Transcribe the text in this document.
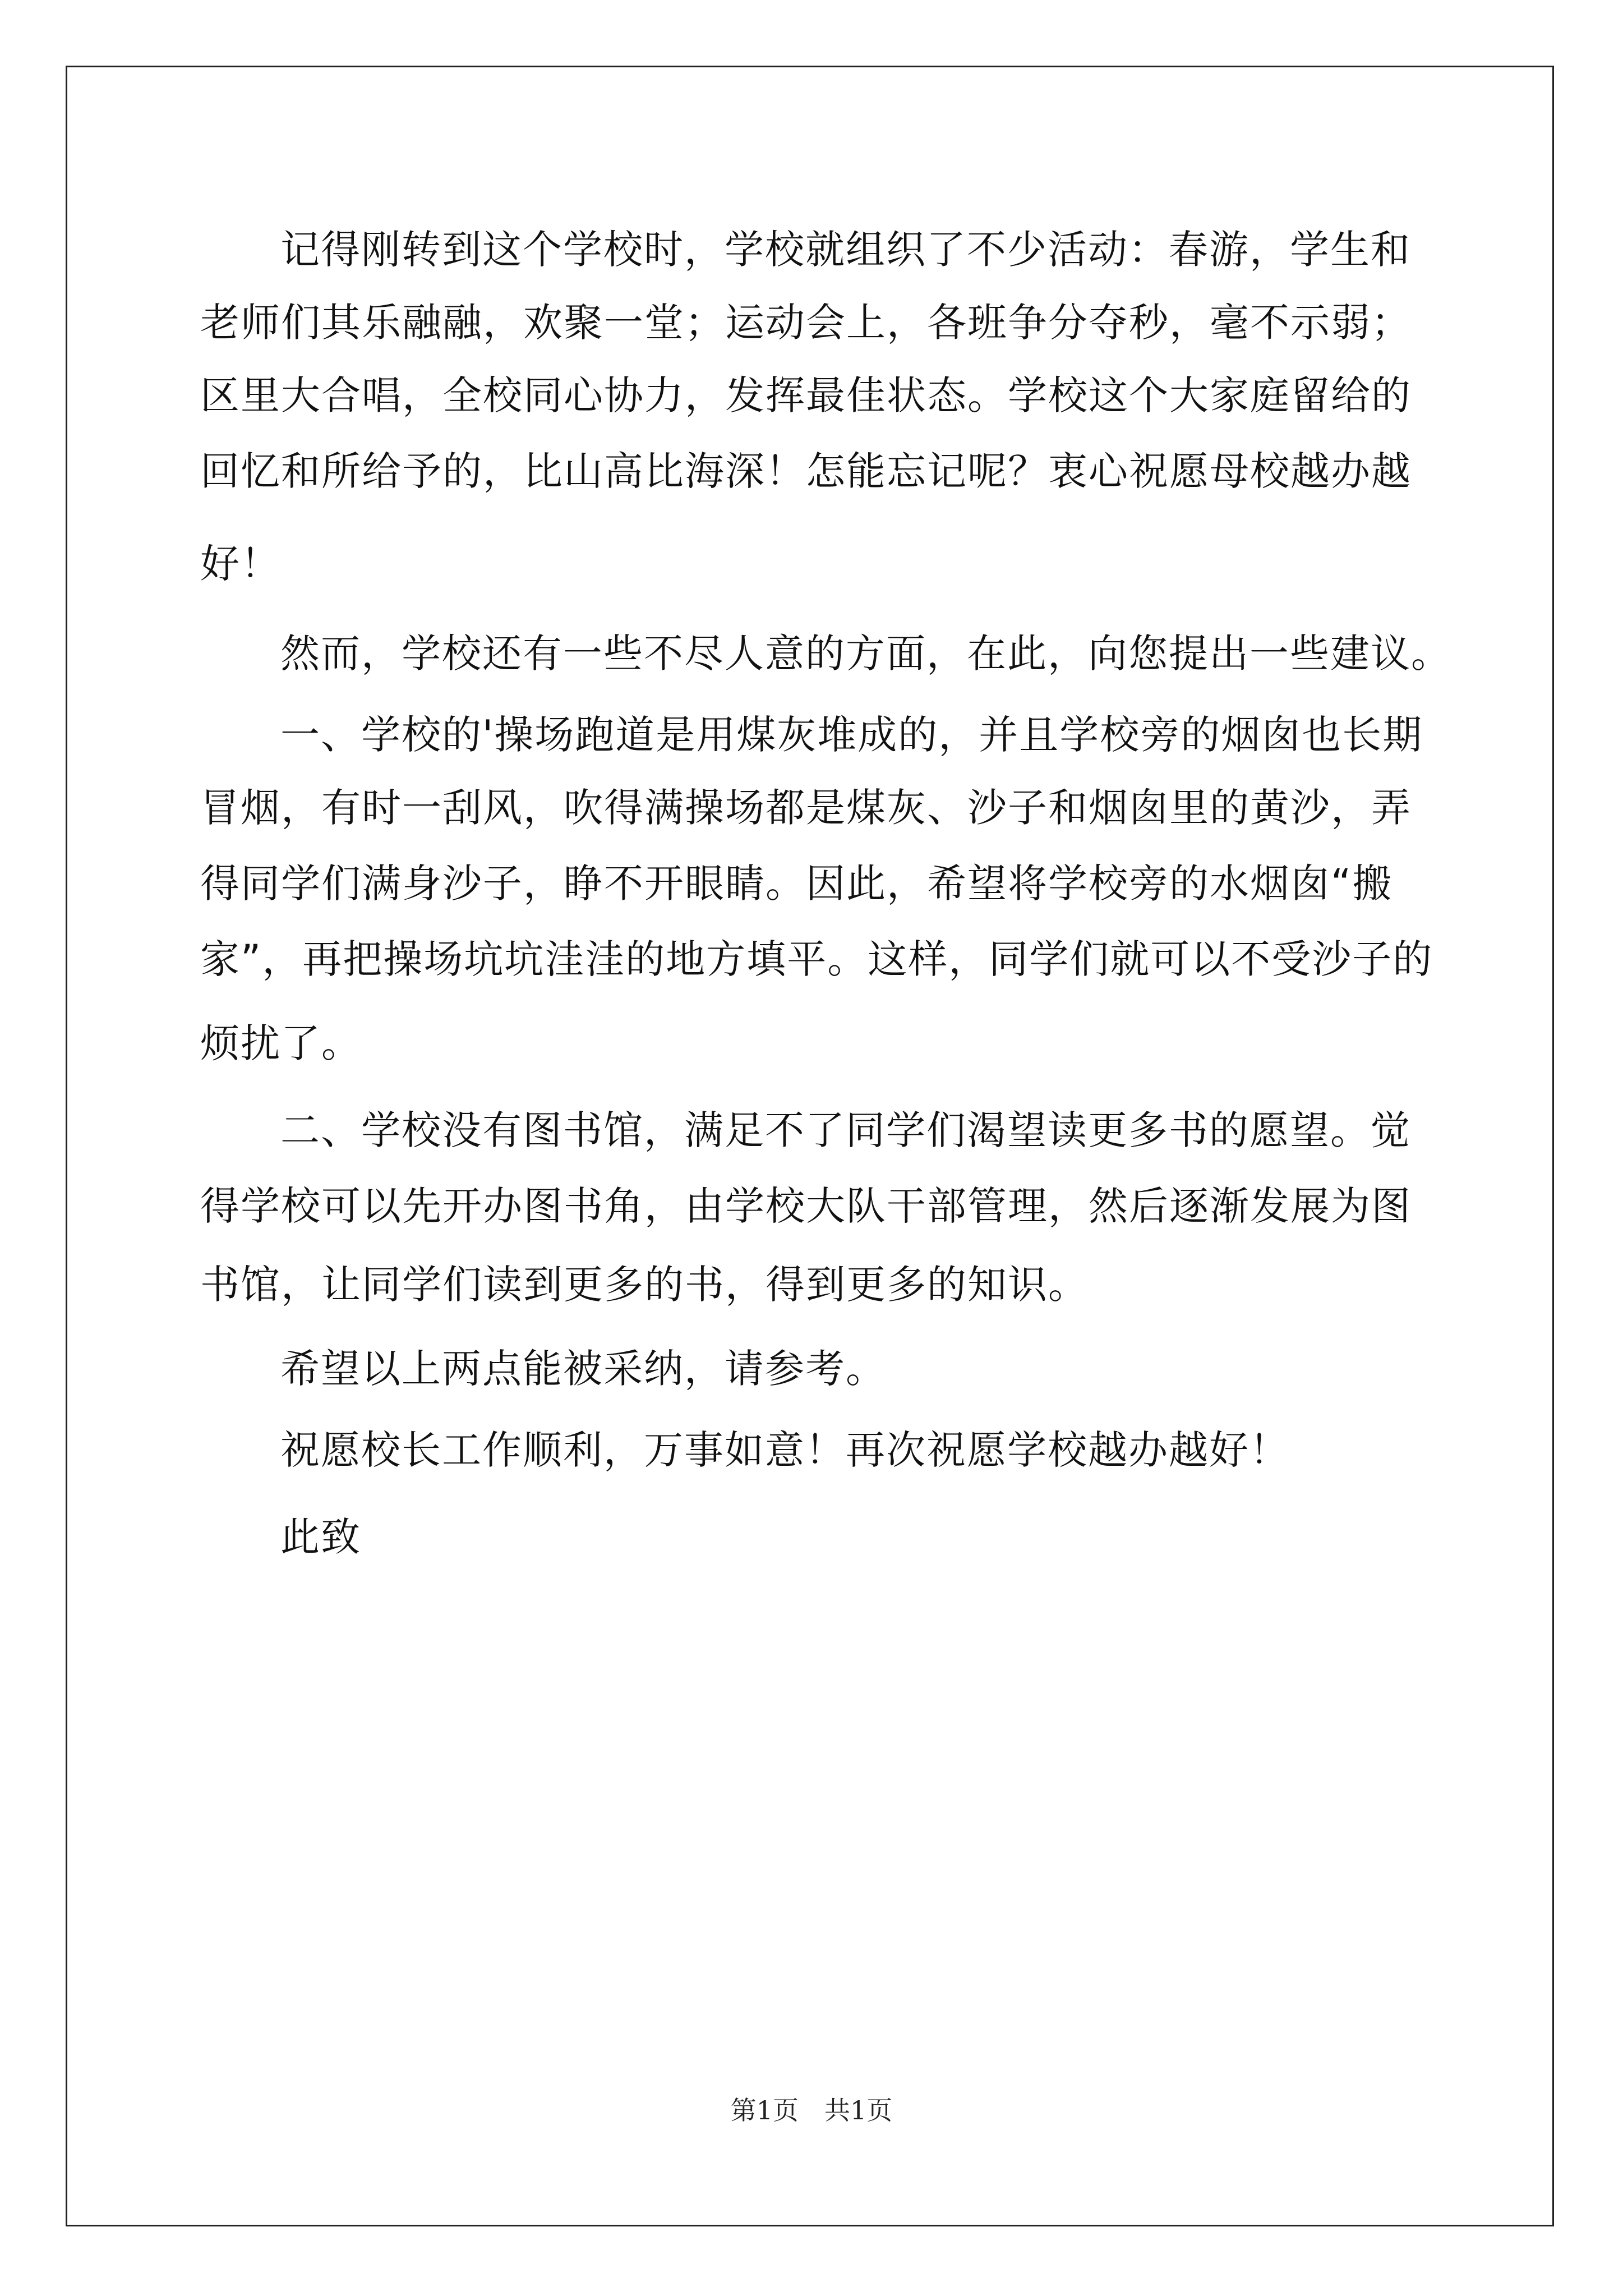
记得刚转到这个学校时，学校就组织了不少活动：春游，学生和
老师们其乐融融，欢聚一堂；运动会上，各班争分夺秒，毫不示弱；
区里大合唱，全校同心协力，发挥最佳状态。学校这个大家庭留给的
回忆和所给予的，比山高比海深！怎能忘记呢？衷心祝愿母校越办越
好！
然而，学校还有一些不尽人意的方面，在此，向您提出一些建议。
一、学校的'操场跑道是用煤灰堆成的，并且学校旁的烟囱也长期
冒烟，有时一刮风，吹得满操场都是煤灰、沙子和烟囱里的黄沙，弄
得同学们满身沙子，睁不开眼睛。因此，希望将学校旁的水烟囱“搬
家”，再把操场坑坑洼洼的地方填平。这样，同学们就可以不受沙子的
烦扰了。
二、学校没有图书馆，满足不了同学们渴望读更多书的愿望。觉
得学校可以先开办图书角，由学校大队干部管理，然后逐渐发展为图
书馆，让同学们读到更多的书，得到更多的知识。
希望以上两点能被采纳，请参考。
祝愿校长工作顺利，万事如意！再次祝愿学校越办越好！
此致
第1页　共1页
